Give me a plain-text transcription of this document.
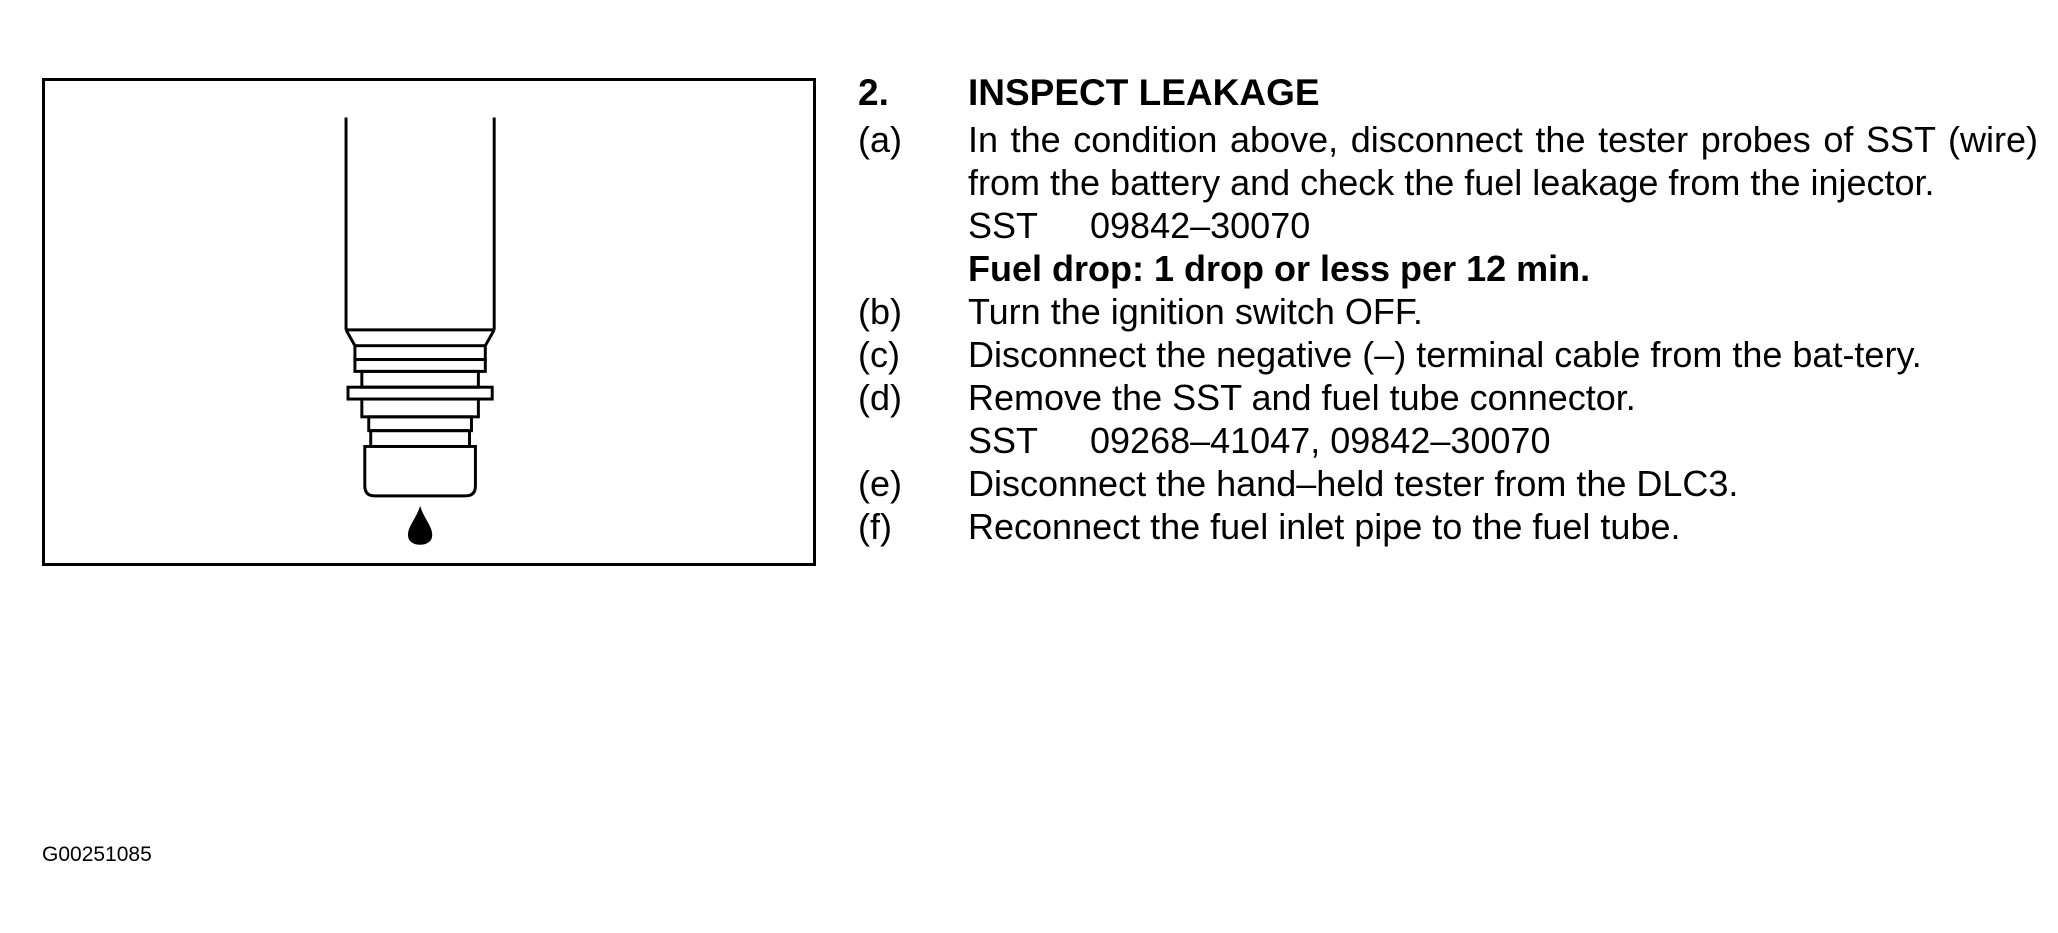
2.	INSPECT LEAKAGE
(a)	In the condition above, disconnect the tester probes of SST (wire) from the battery and check the fuel leakage from the injector.
SST 09842–30070
Fuel drop: 1 drop or less per 12 min.
(b)	Turn the ignition switch OFF.
(c)	Disconnect the negative (–) terminal cable from the bat-tery.
(d)	Remove the SST and fuel tube connector.
SST 09268–41047, 09842–30070
(e)	Disconnect the hand–held tester from the DLC3.
(f)	Reconnect the fuel inlet pipe to the fuel tube.
G00251085
